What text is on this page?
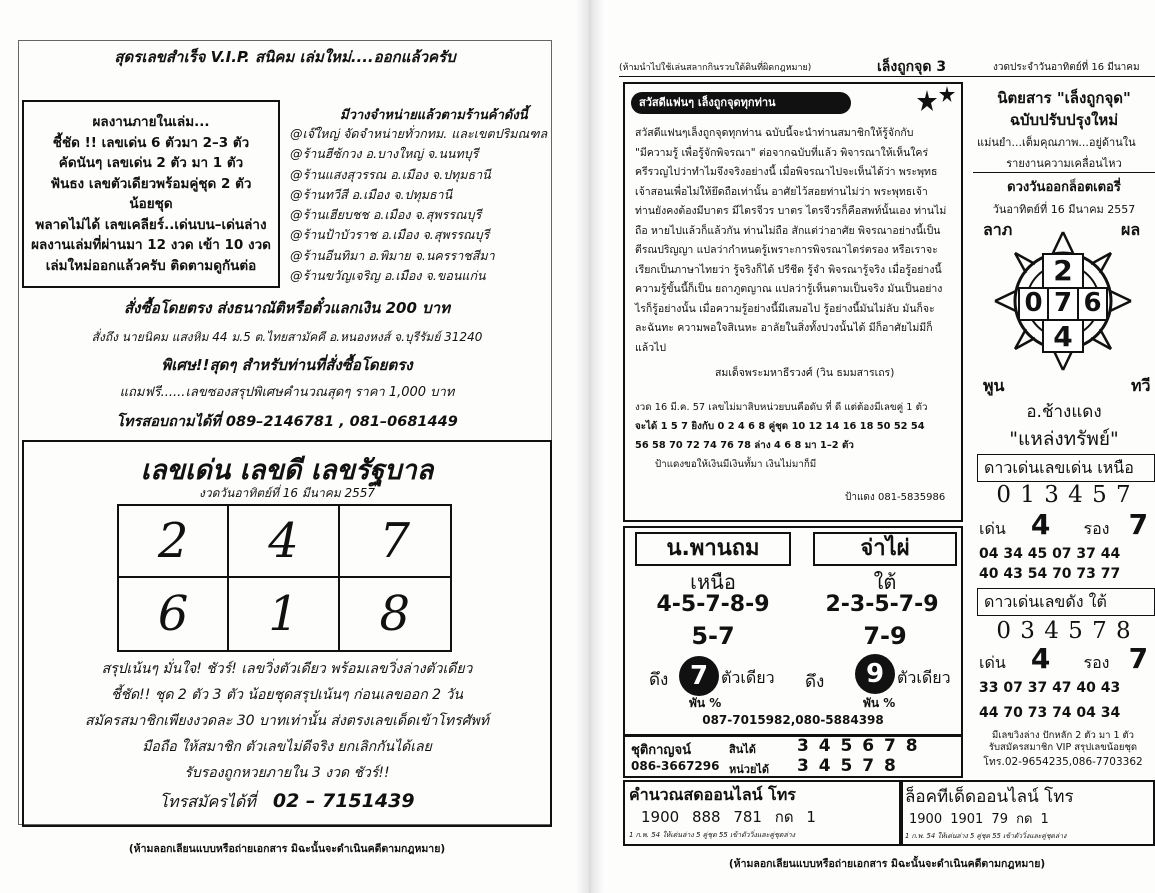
สุดรเลขสำเร็จ V.I.P. สนิคม เล่มใหม่....ออกแล้วครับ
ผลงานภายในเล่ม...
ชี้ชัด !! เลขเด่น 6 ตัวมา 2–3 ตัว
คัดนันๆ เลขเด่น 2 ตัว มา 1 ตัว
ฟันธง เลขตัวเดียวพร้อมคู่ชุด 2 ตัว
น้อยชุด
พลาดไม่ได้ เลขเคลียร์..เด่นบน–เด่นล่าง
ผลงานเล่มที่ผ่านมา 12 งวด เข้า 10 งวด
เล่มใหม่ออกแล้วครับ ติดตามดูกันต่อ
มีวางจำหน่ายแล้วตามร้านค้าดังนี้
@เจ๊ใหญ่ จัดจำหน่ายทั่วกทม. และเขตปริมณฑล
@ร้านฮีซ้กวง อ.บางใหญ่ จ.นนทบุรี
@ร้านแสงสุวรรณ อ.เมือง จ.ปทุมธานี
@ร้านทวีสี อ.เมือง จ.ปทุมธานี
@ร้านเฮียบชช อ.เมือง จ.สุพรรณบุรี
@ร้านป้าบัวราช อ.เมือง จ.สุพรรณบุรี
@ร้านอีนทิมา อ.พิมาย จ.นครราชสีมา
@ร้านขวัญเจริญ อ.เมือง จ.ขอนแก่น
สั่งซื้อโดยตรง ส่งธนาณัติหรือตั๋วแลกเงิน 200 บาท
สั่งถึง นายนิคม แสงหิม 44 ม.5 ต.ไทยสามัคคี อ.หนองหงส์ จ.บุรีรัมย์ 31240
พิเศษ!!สุดๆ สำหรับท่านที่สั่งซื้อโดยตรง
แถมฟรี......เลขซองสรุปพิเศษคำนวณสุดๆ ราคา 1,000 บาท
โทรสอบถามได้ที่ 089–2146781 , 081–0681449
เลขเด่น เลขดี เลขรัฐบาล
งวดวันอาทิตย์ที่ 16 มีนาคม 2557
2	4	7
6	1	8
สรุปเน้นๆ มั่นใจ! ชัวร์! เลขวิ่งตัวเดียว พร้อมเลขวิ่งล่างตัวเดียว
ชี้ชัด!! ชุด 2 ตัว 3 ตัว น้อยชุดสรุปเน้นๆ ก่อนเลขออก 2 วัน
สมัครสมาชิกเพียงงวดละ 30 บาทเท่านั้น ส่งตรงเลขเด็ดเข้าโทรศัพท์
มือถือ ให้สมาชิก ตัวเลขไม่ดีจริง ยกเลิกกันได้เลย
รับรองถูกหวยภายใน 3 งวด ชัวร์!!
โทรสมัครได้ที่ 02 – 7151439
(ห้ามลอกเลียนแบบหรือถ่ายเอกสาร มิฉะนั้นจะดำเนินคดีตามกฎหมาย)
(ห้ามนำไปใช้เล่นสลากกินรวบใต้ดินที่ผิดกฎหมาย)	เล็งถูกจุด 3	งวดประจำวันอาทิตย์ที่ 16 มีนาคม
สวัสดีแฟนๆ เล็งถูกจุดทุกท่าน
สวัสดีแฟนๆเล็งถูกจุดทุกท่าน ฉบับนี้จะนำท่านสมาชิกให้รู้จักกับ
"มีความรู้ เพื่อรู้จักพิจรณา" ต่อจากฉบับที่แล้ว พิจารณาให้เห็นใคร่
ครีรวญไปว่าทำไมจึงจริงอย่างนี้ เมื่อพิจรณาไปจะเห็นได้ว่า พระพุทธ
เจ้าสอนเพื่อไม่ให้ยึดถือเท่านั้น อาศัยไว้สอยท่านไม่ว่า พระพุทธเจ้า
ท่านยังคงต้องมีบาตร มีไตรจีวร บาตร ไตรจีวรก็คือสพท์นั้นเอง ท่านไม่
ถือ หายไปแล้วก็แล้วกัน ท่านไม่ถือ สักแต่ว่าอาศัย พิจรณาอย่างนี้เป็น
ตีรณปริญญา แปลว่ากำหนดรู้เพราะการพิจรณาไตร่ตรอง หรือเราจะ
เรียกเป็นภาษาไทยว่า รู้จริงก็ได้ ปรีชีต รู้จำ พิจรณารู้จริง เมื่อรู้อย่างนี้
ความรู้ขั้นนี้ก็เป็น ยถาภูตญาณ แปลว่ารู้เห็นตามเป็นจริง มันเป็นอย่าง
ไรก็รู้อย่างนั้น เมื่อความรู้อย่างนี้มีเสมอไป รู้อย่างนี้มันไม่ลับ มันก็จะ
ละฉันทะ ความพอใจสิเนหะ อาลัยในสิ่งทั้งปวงนั้นได้ มีก็อาศัยไม่มีก็
แล้วไป
สมเด็จพระมหาธีรวงศ์ (วิน ธมมสารเถร)
งวด 16 มี.ค. 57 เลขไม่มาสิบหน่วยบนคือดับ ที่ ดี แต่ต้องมีเลขคู่ 1 ตัว
จะได้ 1 5 7 ยิงกับ 0 2 4 6 8 คู่ชุด 10 12 14 16 18 50 52 54
56 58 70 72 74 76 78 ล่าง 4 6 8 มา 1–2 ตัว
ป้าแดงขอให้เงินมีเงินทั้มา เงินไม่มาก็มี
ป้าแดง 081-5835986
น.พานถม	จ่าไผ่
เหนือ	ใต้
4-5-7-8-9	2-3-5-7-9
5-7	7-9
ดึง 7 ตัวเดียว ดึง	9 ตัวเดียว
พัน %	พัน %
087-7015982,080-5884398
ชุติกาญจน์	สินได้ 3 4 5 6 7 8
086-3667296 หน่วยได้ 3 4 5 7 8
คำนวณสดออนไลน์ โทร
1900 888 781 กด 1
1 ก.พ. 54 ให้เด่นล่าง 5 คู่ชุด 55 เข้าตัววิ่งและคู่ชุดล่าง
ล็อคทีเด็ดออนไลน์ โทร
1900 1901 79 กด 1
1 ก.พ. 54 ให้เด่นล่าง 5 คู่ชุด 55 เข้าตัววิ่งและคู่ชุดล่าง
นิตยสาร "เล็งถูกจุด"
ฉบับปรับปรุงใหม่
แม่นยำ...เต็มคุณภาพ...อยู่ด้านใน
รายงานความเคลื่อนไหว
ดวงวันออกล็อตเตอรี่
วันอาทิตย์ที่ 16 มีนาคม 2557
ลาภ	ผล
พูน	ทวี
2
0 7 6
4
อ.ช้างแดง
"แหล่งทรัพย์"
ดาวเด่นเลขเด่น เหนือ
0 1 3 4 5 7
เด่น 4 รอง 7
04 34 45 07 37 44
40 43 54 70 73 77
ดาวเด่นเลขดัง ใต้
0 3 4 5 7 8
เด่น 4 รอง 7
33 07 37 47 40 43
44 70 73 74 04 34
มีเลขวิ่งล่าง ปักหลัก 2 ตัว มา 1 ตัว
รับสมัครสมาชิก VIP สรุปเลขน้อยชุด
โทร.02-9654235,086-7703362
(ห้ามลอกเลียนแบบหรือถ่ายเอกสาร มิฉะนั้นจะดำเนินคดีตามกฎหมาย)
